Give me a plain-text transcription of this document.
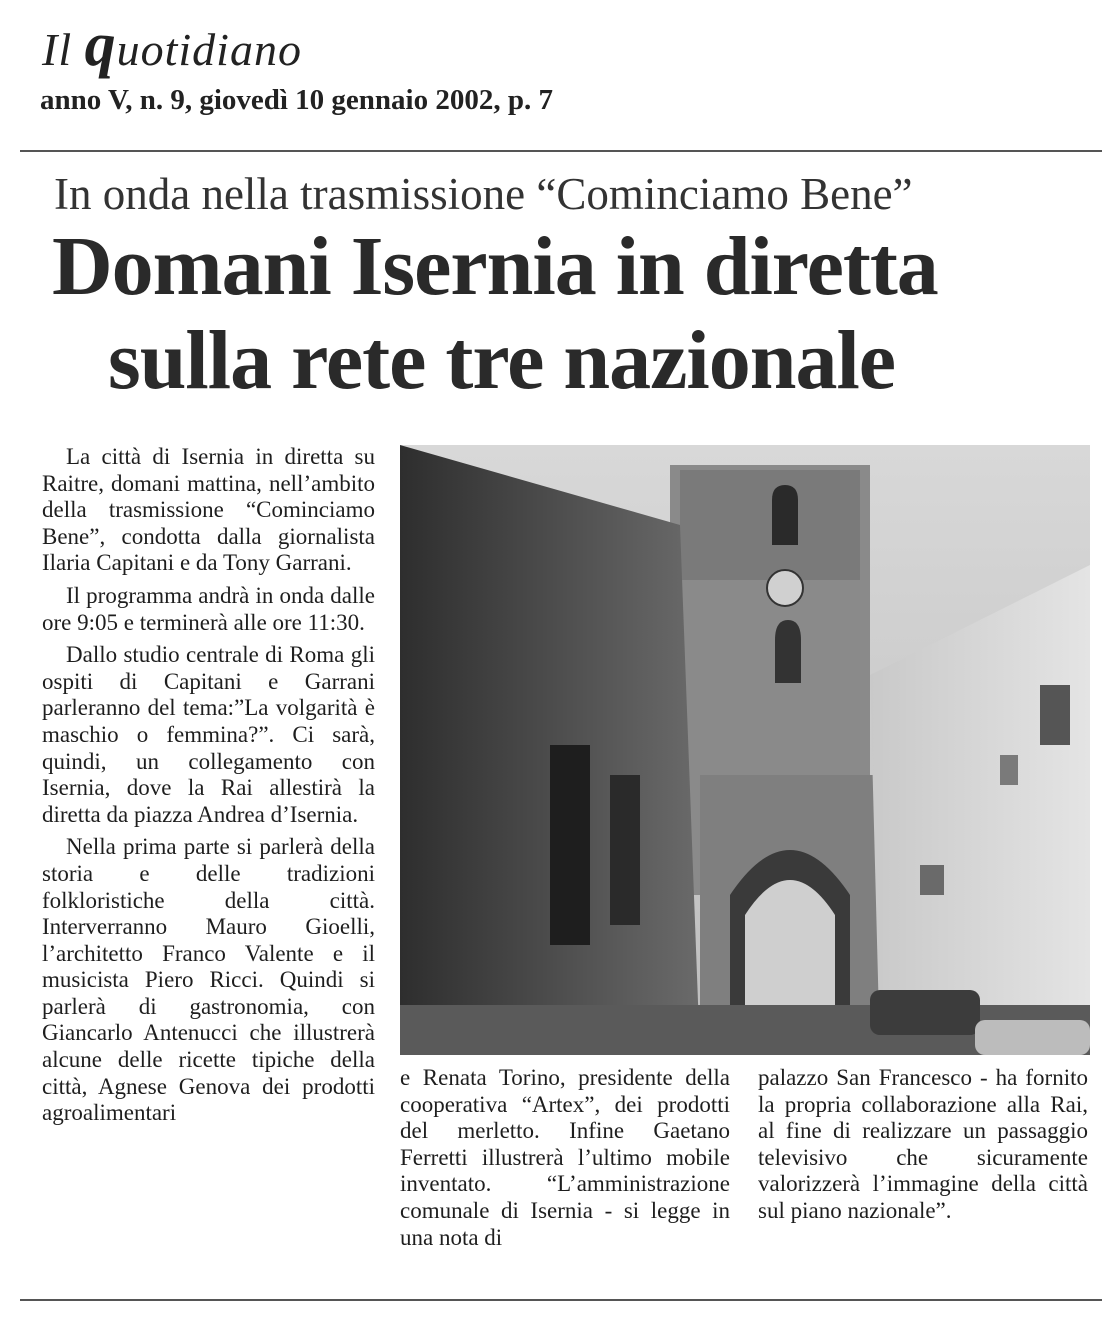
Il quotidiano
anno V, n. 9, giovedì 10 gennaio 2002, p. 7
In onda nella trasmissione “Cominciamo Bene”
Domani Isernia in diretta
sulla rete tre nazionale

La città di Isernia in diretta su Raitre, domani mattina, nell’ambito della trasmissione “Cominciamo Bene”, condotta dalla giornalista Ilaria Capitani e da Tony Garrani.

Il programma andrà in onda dalle ore 9:05 e terminerà alle ore 11:30.

Dallo studio centrale di Roma gli ospiti di Capitani e Garrani parleranno del tema:”La volgarità è maschio o femmina?”. Ci sarà, quindi, un collegamento con Isernia, dove la Rai allestirà la diretta da piazza Andrea d’Isernia.

Nella prima parte si parlerà della storia e delle tradizioni folkloristiche della città. Interverranno Mauro Gioelli, l’architetto Franco Valente e il musicista Piero Ricci. Quindi si parlerà di gastronomia, con Giancarlo Antenucci che illustrerà alcune delle ricette tipiche della città, Agnese Genova dei prodotti agroalimentari

e Renata Torino, presidente della cooperativa “Artex”, dei prodotti del merletto. Infine Gaetano Ferretti illustrerà l’ultimo mobile inventato. “L’amministrazione comunale di Isernia - si legge in una nota di

palazzo San Francesco - ha fornito la propria collaborazione alla Rai, al fine di realizzare un passaggio televisivo che sicuramente valorizzerà l’immagine della città sul piano nazionale”.
